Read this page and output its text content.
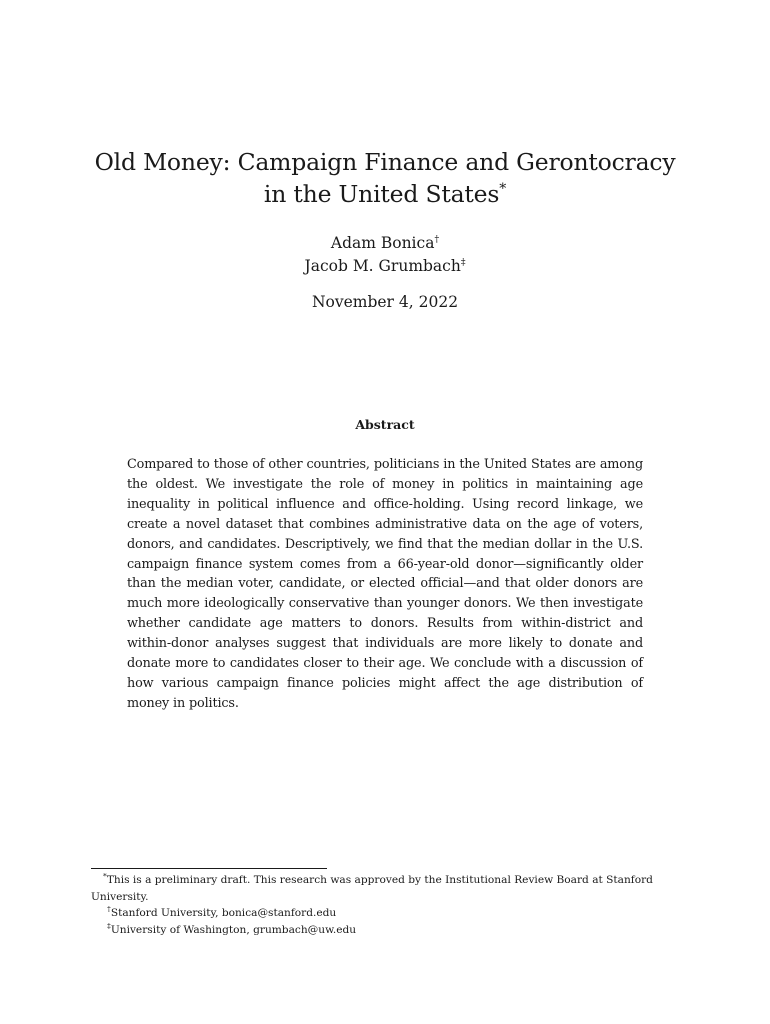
Old Money: Campaign Finance and Gerontocracy
in the United States*
Adam Bonica†
Jacob M. Grumbach‡
November 4, 2022
Abstract

Compared to those of other countries, politicians in the United States are among the oldest. We investigate the role of money in politics in maintaining age inequality in political influence and office-holding. Using record linkage, we create a novel dataset that combines administrative data on the age of voters, donors, and candidates. Descriptively, we find that the median dollar in the U.S. campaign finance system comes from a 66-year-old donor—significantly older than the median voter, candidate, or elected official—and that older donors are much more ideologically conservative than younger donors. We then investigate whether candidate age matters to donors. Results from within-district and within-donor analyses suggest that individuals are more likely to donate and donate more to candidates closer to their age. We conclude with a discussion of how various campaign finance policies might affect the age distribution of money in politics.

*This is a preliminary draft. This research was approved by the Institutional Review Board at Stanford University.

†Stanford University, bonica@stanford.edu

‡University of Washington, grumbach@uw.edu
